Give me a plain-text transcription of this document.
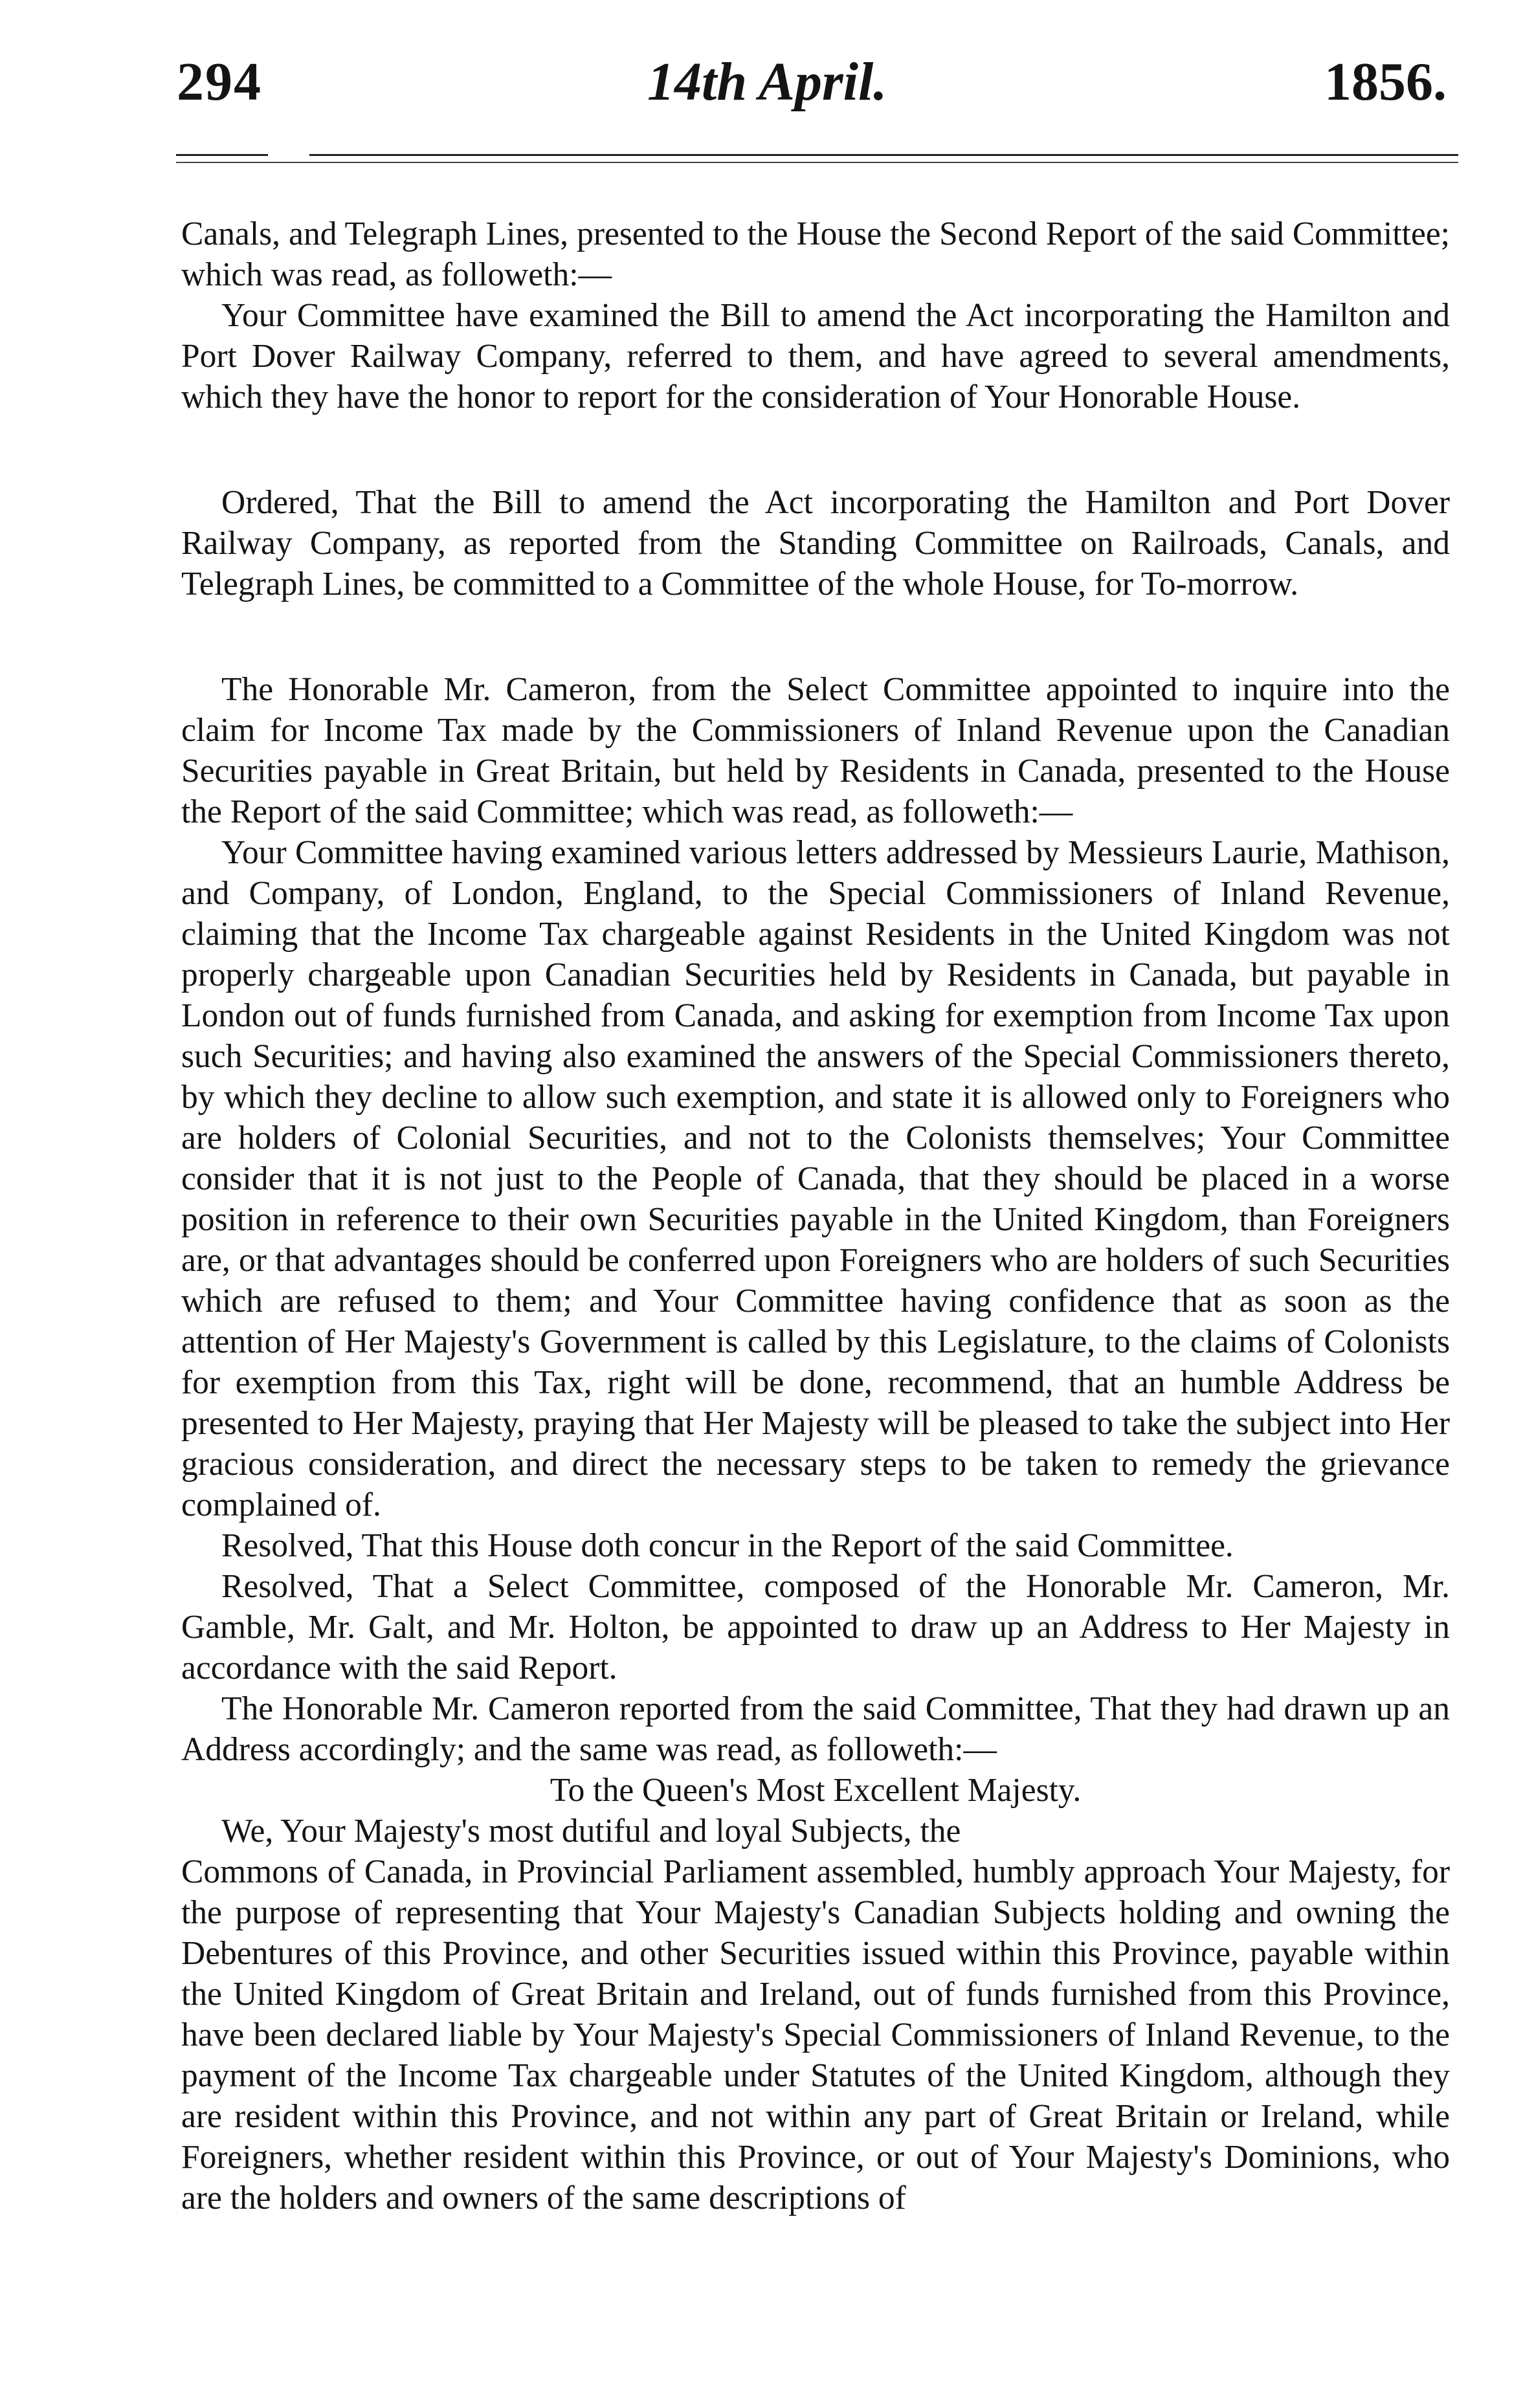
294	14th April.	1856.

Canals, and Telegraph Lines, presented to the House the Second Report of the said Committee; which was read, as followeth:—

Your Committee have examined the Bill to amend the Act incorporating the Hamilton and Port Dover Railway Company, referred to them, and have agreed to several amendments, which they have the honor to report for the consideration of Your Honorable House.

Ordered, That the Bill to amend the Act incorporating the Hamilton and Port Dover Railway Company, as reported from the Standing Committee on Railroads, Canals, and Telegraph Lines, be committed to a Committee of the whole House, for To-morrow.

The Honorable Mr. Cameron, from the Select Committee appointed to inquire into the claim for Income Tax made by the Commissioners of Inland Revenue upon the Canadian Securities payable in Great Britain, but held by Residents in Canada, presented to the House the Report of the said Committee; which was read, as followeth:—

Your Committee having examined various letters addressed by Messieurs Laurie, Mathison, and Company, of London, England, to the Special Commissioners of Inland Revenue, claiming that the Income Tax chargeable against Residents in the United Kingdom was not properly chargeable upon Canadian Securities held by Residents in Canada, but payable in London out of funds furnished from Canada, and asking for exemption from Income Tax upon such Securities; and having also examined the answers of the Special Commissioners thereto, by which they decline to allow such exemption, and state it is allowed only to Foreigners who are holders of Colonial Securities, and not to the Colonists themselves; Your Committee consider that it is not just to the People of Canada, that they should be placed in a worse position in reference to their own Securities payable in the United Kingdom, than Foreigners are, or that advantages should be conferred upon Foreigners who are holders of such Securities which are refused to them; and Your Committee having confidence that as soon as the attention of Her Majesty's Government is called by this Legislature, to the claims of Colonists for exemption from this Tax, right will be done, recommend, that an humble Address be presented to Her Majesty, praying that Her Majesty will be pleased to take the subject into Her gracious consideration, and direct the necessary steps to be taken to remedy the grievance complained of.

Resolved, That this House doth concur in the Report of the said Committee.

Resolved, That a Select Committee, composed of the Honorable Mr. Cameron, Mr. Gamble, Mr. Galt, and Mr. Holton, be appointed to draw up an Address to Her Majesty in accordance with the said Report.

The Honorable Mr. Cameron reported from the said Committee, That they had drawn up an Address accordingly; and the same was read, as followeth:—

To the Queen's Most Excellent Majesty.

We, Your Majesty's most dutiful and loyal Subjects, the

Commons of Canada, in Provincial Parliament assembled, humbly approach Your Majesty, for the purpose of representing that Your Majesty's Canadian Subjects holding and owning the Debentures of this Province, and other Securities issued within this Province, payable within the United Kingdom of Great Britain and Ireland, out of funds furnished from this Province, have been declared liable by Your Majesty's Special Commissioners of Inland Revenue, to the payment of the Income Tax chargeable under Statutes of the United Kingdom, although they are resident within this Province, and not within any part of Great Britain or Ireland, while Foreigners, whether resident within this Province, or out of Your Majesty's Dominions, who are the holders and owners of the same descriptions of
